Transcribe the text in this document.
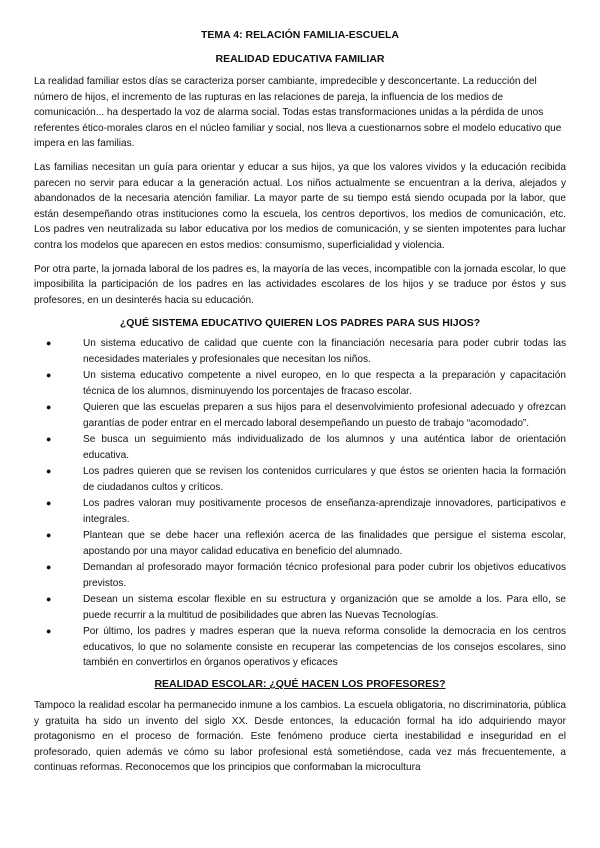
TEMA 4: RELACIÓN FAMILIA-ESCUELA
REALIDAD EDUCATIVA FAMILIAR

La realidad familiar estos días se caracteriza porser cambiante, impredecible y desconcertante. La reducción del número de hijos, el incremento de las rupturas en las relaciones de pareja, la influencia de los medios de comunicación... ha despertado la voz de alarma social. Todas estas transformaciones unidas a la pérdida de unos referentes ético-morales claros en el núcleo familiar y social, nos lleva a cuestionarnos sobre el modelo educativo que impera en las familias.

Las familias necesitan un guía para orientar y educar a sus hijos, ya que los valores vividos y la educación recibida parecen no servir para educar a la generación actual. Los niños actualmente se encuentran a la deriva, alejados y abandonados de la necesaria atención familiar. La mayor parte de su tiempo está siendo ocupada por la labor, que están desempeñando otras instituciones como la escuela, los centros deportivos, los medios de comunicación, etc. Los padres ven neutralizada su labor educativa por los medios de comunicación, y se sienten impotentes para luchar contra los modelos que aparecen en estos medios: consumismo, superficialidad y violencia.

Por otra parte, la jornada laboral de los padres es, la mayoría de las veces, incompatible con la jornada escolar, lo que imposibilita la participación de los padres en las actividades escolares de los hijos y se traduce por éstos y sus profesores, en un desinterés hacia su educación.

¿QUÉ SISTEMA EDUCATIVO QUIEREN LOS PADRES PARA SUS HIJOS?
●	Un sistema educativo de calidad que cuente con la financiación necesaria para poder cubrir todas las necesidades materiales y profesionales que necesitan los niños.
●	Un sistema educativo competente a nivel europeo, en lo que respecta a la preparación y capacitación técnica de los alumnos, disminuyendo los porcentajes de fracaso escolar.
●	Quieren que las escuelas preparen a sus hijos para el desenvolvimiento profesional adecuado y ofrezcan garantías de poder entrar en el mercado laboral desempeñando un puesto de trabajo “acomodado”.
●	Se busca un seguimiento más individualizado de los alumnos y una auténtica labor de orientación educativa.
●	Los padres quieren que se revisen los contenidos curriculares y que éstos se orienten hacia la formación de ciudadanos cultos y críticos.
●	Los padres valoran muy positivamente procesos de enseñanza-aprendizaje innovadores, participativos e integrales.
●	Plantean que se debe hacer una reflexión acerca de las finalidades que persigue el sistema escolar, apostando por una mayor calidad educativa en beneficio del alumnado.
●	Demandan al profesorado mayor formación técnico profesional para poder cubrir los objetivos educativos previstos.
●	Desean un sistema escolar flexible en su estructura y organización que se amolde a los. Para ello, se puede recurrir a la multitud de posibilidades que abren las Nuevas Tecnologías.
●	Por último, los padres y madres esperan que la nueva reforma consolide la democracia en los centros educativos, lo que no solamente consiste en recuperar las competencias de los consejos escolares, sino también en convertirlos en órganos operativos y eficaces
REALIDAD ESCOLAR: ¿QUÉ HACEN LOS PROFESORES?

Tampoco la realidad escolar ha permanecido inmune a los cambios. La escuela obligatoria, no discriminatoria, pública y gratuita ha sido un invento del siglo XX. Desde entonces, la educación formal ha ido adquiriendo mayor protagonismo en el proceso de formación. Este fenómeno produce cierta inestabilidad e inseguridad en el profesorado, quien además ve cómo su labor profesional está sometiéndose, cada vez más frecuentemente, a continuas reformas. Reconocemos que los principios que conformaban la microcultura
